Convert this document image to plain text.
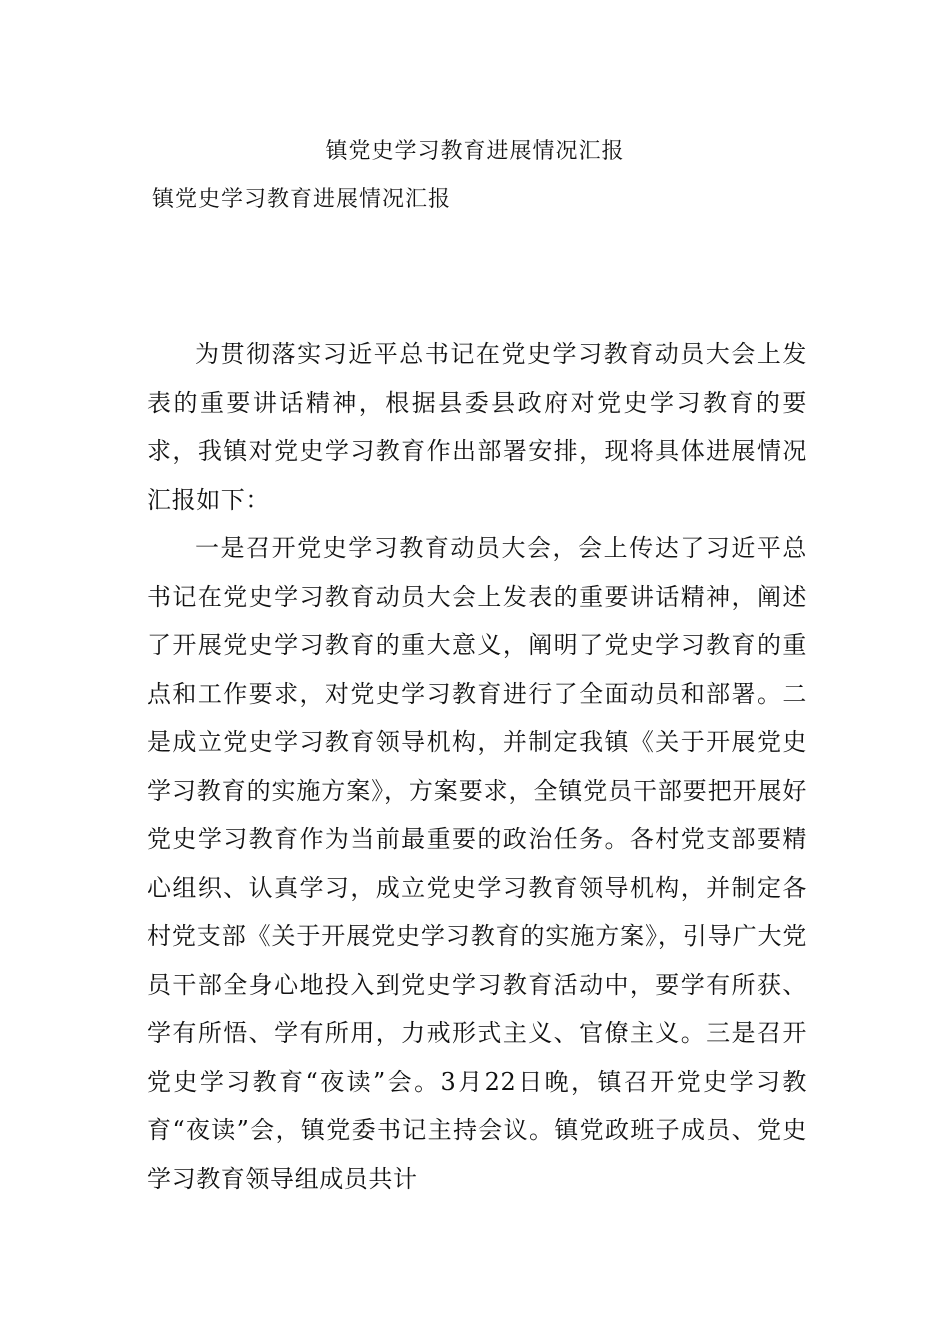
镇党史学习教育进展情况汇报
镇党史学习教育进展情况汇报

为贯彻落实习近平总书记在党史学习教育动员大会上发表的重要讲话精神，根据县委县政府对党史学习教育的要求，我镇对党史学习教育作出部署安排，现将具体进展情况汇报如下：

一是召开党史学习教育动员大会，会上传达了习近平总书记在党史学习教育动员大会上发表的重要讲话精神，阐述了开展党史学习教育的重大意义，阐明了党史学习教育的重点和工作要求，对党史学习教育进行了全面动员和部署。二是成立党史学习教育领导机构，并制定我镇《关于开展党史学习教育的实施方案》，方案要求，全镇党员干部要把开展好党史学习教育作为当前最重要的政治任务。各村党支部要精心组织、认真学习，成立党史学习教育领导机构，并制定各村党支部《关于开展党史学习教育的实施方案》，引导广大党员干部全身心地投入到党史学习教育活动中，要学有所获、学有所悟、学有所用，力戒形式主义、官僚主义。三是召开党史学习教育“夜读”会。3月22日晚，镇召开党史学习教育“夜读”会，镇党委书记主持会议。镇党政班子成员、党史学习教育领导组成员共计
